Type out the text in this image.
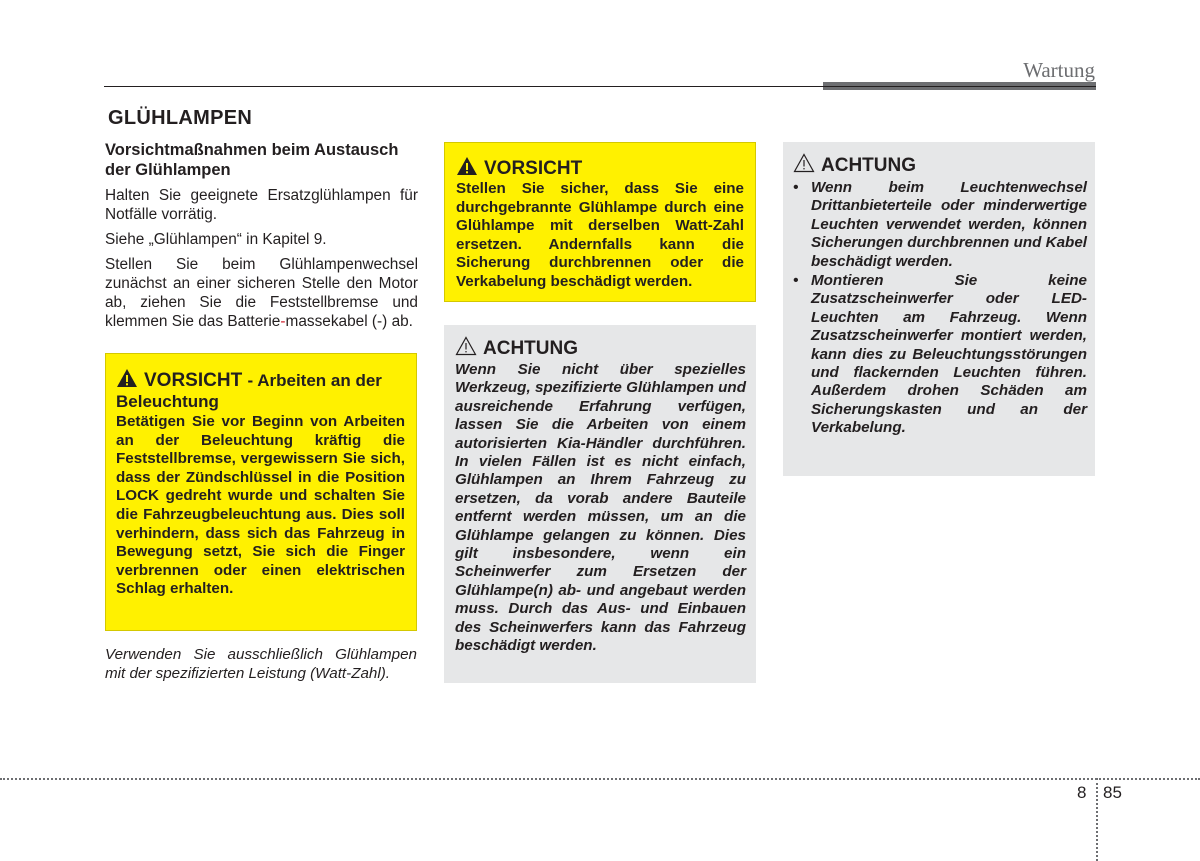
Wartung
GLÜHLAMPEN
Vorsichtmaßnahmen beim Austausch der Glühlampen

Halten Sie geeignete Ersatzglühlampen für Notfälle vorrätig.

Siehe „Glühlampen“ in Kapitel 9.

Stellen Sie beim Glühlampenwechsel zunächst an einer sicheren Stelle den Motor ab, ziehen Sie die Feststellbremse und klemmen Sie das Batterie-massekabel (-) ab.

VORSICHT - Arbeiten an der Beleuchtung
Betätigen Sie vor Beginn von Arbeiten an der Beleuchtung kräftig die Feststellbremse, vergewissern Sie sich, dass der Zündschlüssel in die Position LOCK gedreht wurde und schalten Sie die Fahrzeugbeleuchtung aus. Dies soll verhindern, dass sich das Fahrzeug in Bewegung setzt, Sie sich die Finger verbrennen oder einen elektrischen Schlag erhalten.
Verwenden Sie ausschließlich Glühlampen mit der spezifizierten Leistung (Watt-Zahl).
VORSICHT
Stellen Sie sicher, dass Sie eine durchgebrannte Glühlampe durch eine Glühlampe mit derselben Watt-Zahl ersetzen. Andernfalls kann die Sicherung durchbrennen oder die Verkabelung beschädigt werden.
ACHTUNG
Wenn Sie nicht über spezielles Werkzeug, spezifizierte Glühlampen und ausreichende Erfahrung verfügen, lassen Sie die Arbeiten von einem autorisierten Kia-Händler durchführen. In vielen Fällen ist es nicht einfach, Glühlampen an Ihrem Fahrzeug zu ersetzen, da vorab andere Bauteile entfernt werden müssen, um an die Glühlampe gelangen zu können. Dies gilt insbesondere, wenn ein Scheinwerfer zum Ersetzen der Glühlampe(n) ab- und angebaut werden muss. Durch das Aus- und Einbauen des Scheinwerfers kann das Fahrzeug beschädigt werden.
ACHTUNG
• Wenn beim Leuchtenwechsel Drittanbieterteile oder minderwertige Leuchten verwendet werden, können Sicherungen durchbrennen und Kabel beschädigt werden.
• Montieren Sie keine Zusatzscheinwerfer oder LED-Leuchten am Fahrzeug. Wenn Zusatzscheinwerfer montiert werden, kann dies zu Beleuchtungsstörungen und flackernden Leuchten führen. Außerdem drohen Schäden am Sicherungskasten und an der Verkabelung.
8 85
